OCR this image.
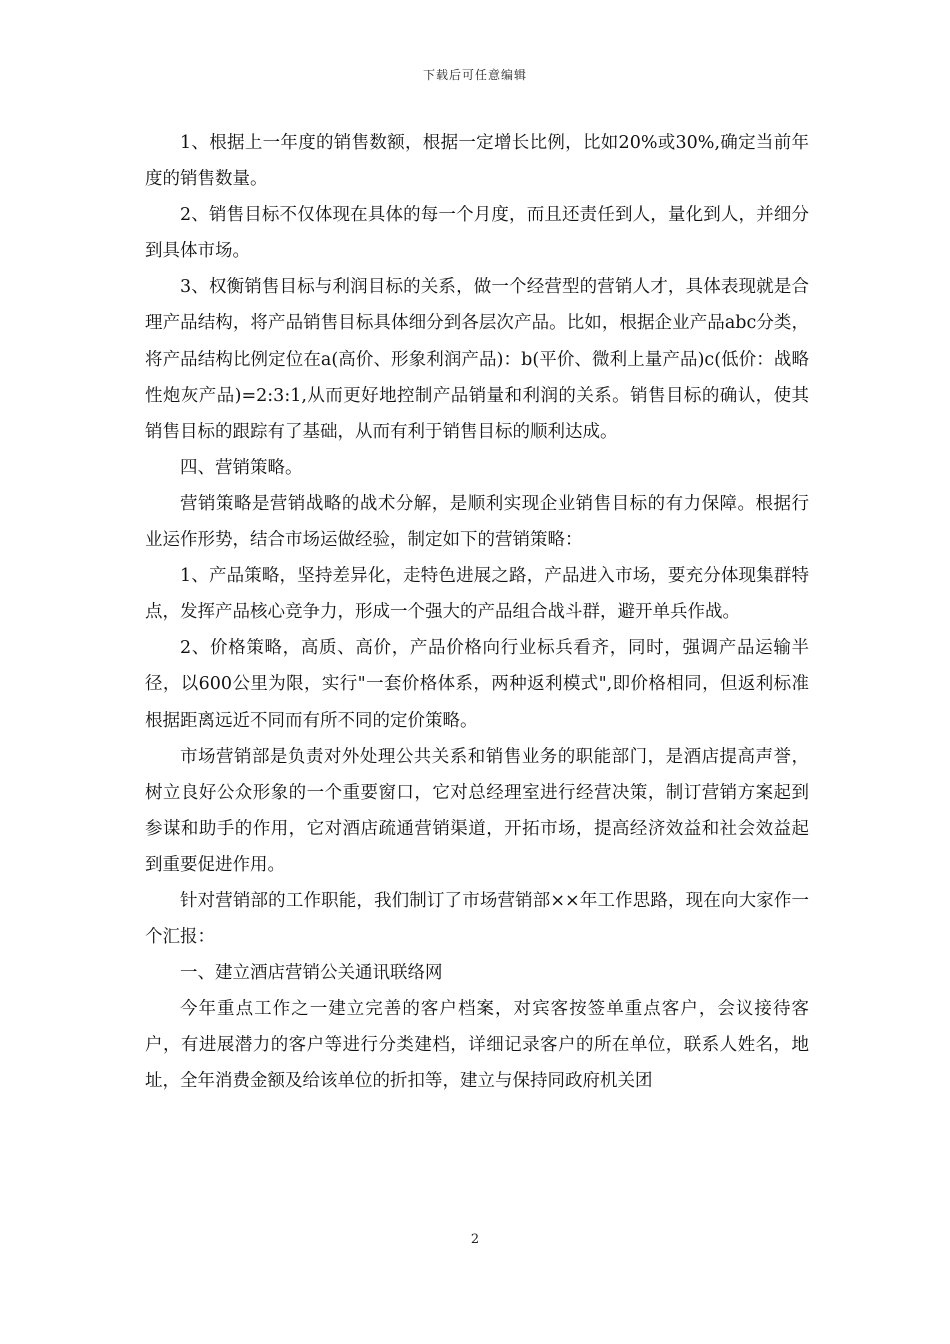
下载后可任意编辑

1、根据上一年度的销售数额，根据一定增长比例，比如20%或30%,确定当前年度的销售数量。

2、销售目标不仅体现在具体的每一个月度，而且还责任到人，量化到人，并细分到具体市场。

3、权衡销售目标与利润目标的关系，做一个经营型的营销人才，具体表现就是合理产品结构，将产品销售目标具体细分到各层次产品。比如，根据企业产品abc分类，将产品结构比例定位在a(高价、形象利润产品)：b(平价、微利上量产品)c(低价：战略性炮灰产品)=2:3:1,从而更好地控制产品销量和利润的关系。销售目标的确认，使其销售目标的跟踪有了基础，从而有利于销售目标的顺利达成。

四、营销策略。

营销策略是营销战略的战术分解，是顺利实现企业销售目标的有力保障。根据行业运作形势，结合市场运做经验，制定如下的营销策略：

1、产品策略，坚持差异化，走特色进展之路，产品进入市场，要充分体现集群特点，发挥产品核心竞争力，形成一个强大的产品组合战斗群，避开单兵作战。

2、价格策略，高质、高价，产品价格向行业标兵看齐，同时，强调产品运输半径，以600公里为限，实行"一套价格体系，两种返利模式",即价格相同，但返利标准根据距离远近不同而有所不同的定价策略。

市场营销部是负责对外处理公共关系和销售业务的职能部门，是酒店提高声誉，树立良好公众形象的一个重要窗口，它对总经理室进行经营决策，制订营销方案起到参谋和助手的作用，它对酒店疏通营销渠道，开拓市场，提高经济效益和社会效益起到重要促进作用。

针对营销部的工作职能，我们制订了市场营销部××年工作思路，现在向大家作一个汇报：

一、建立酒店营销公关通讯联络网

今年重点工作之一建立完善的客户档案，对宾客按签单重点客户，会议接待客户，有进展潜力的客户等进行分类建档，详细记录客户的所在单位，联系人姓名，地址，全年消费金额及给该单位的折扣等，建立与保持同政府机关团

2
